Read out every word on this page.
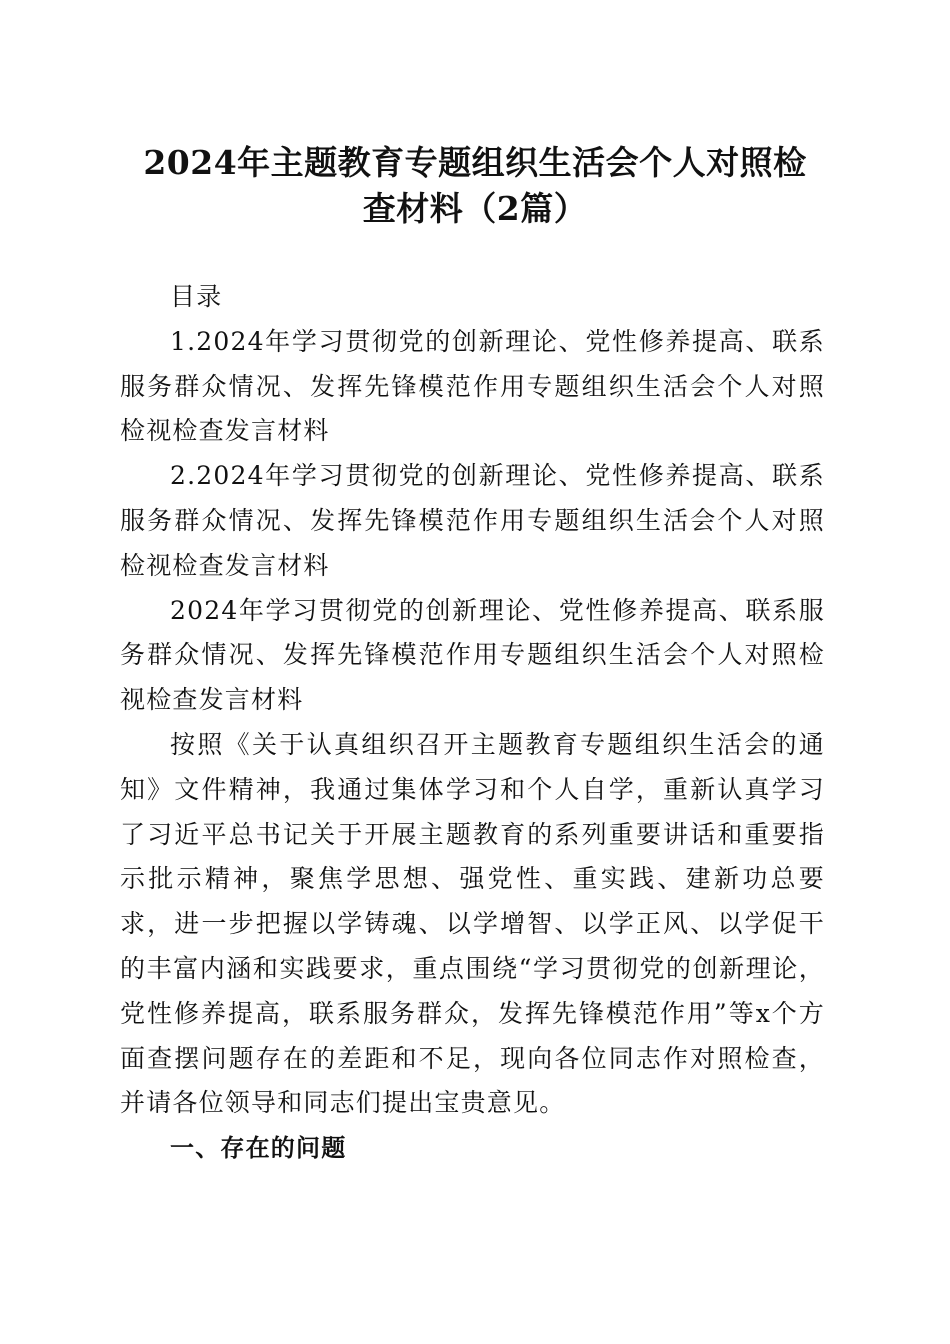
2024年主题教育专题组织生活会个人对照检
查材料（2篇）

目录

1.2024年学习贯彻党的创新理论、党性修养提高、联系服务群众情况、发挥先锋模范作用专题组织生活会个人对照检视检查发言材料

2.2024年学习贯彻党的创新理论、党性修养提高、联系服务群众情况、发挥先锋模范作用专题组织生活会个人对照检视检查发言材料

2024年学习贯彻党的创新理论、党性修养提高、联系服务群众情况、发挥先锋模范作用专题组织生活会个人对照检视检查发言材料

按照《关于认真组织召开主题教育专题组织生活会的通知》文件精神，我通过集体学习和个人自学，重新认真学习了习近平总书记关于开展主题教育的系列重要讲话和重要指示批示精神，聚焦学思想、强党性、重实践、建新功总要求，进一步把握以学铸魂、以学增智、以学正风、以学促干的丰富内涵和实践要求，重点围绕“学习贯彻党的创新理论，党性修养提高，联系服务群众，发挥先锋模范作用”等x个方面查摆问题存在的差距和不足，现向各位同志作对照检查，并请各位领导和同志们提出宝贵意见。

一、存在的问题
